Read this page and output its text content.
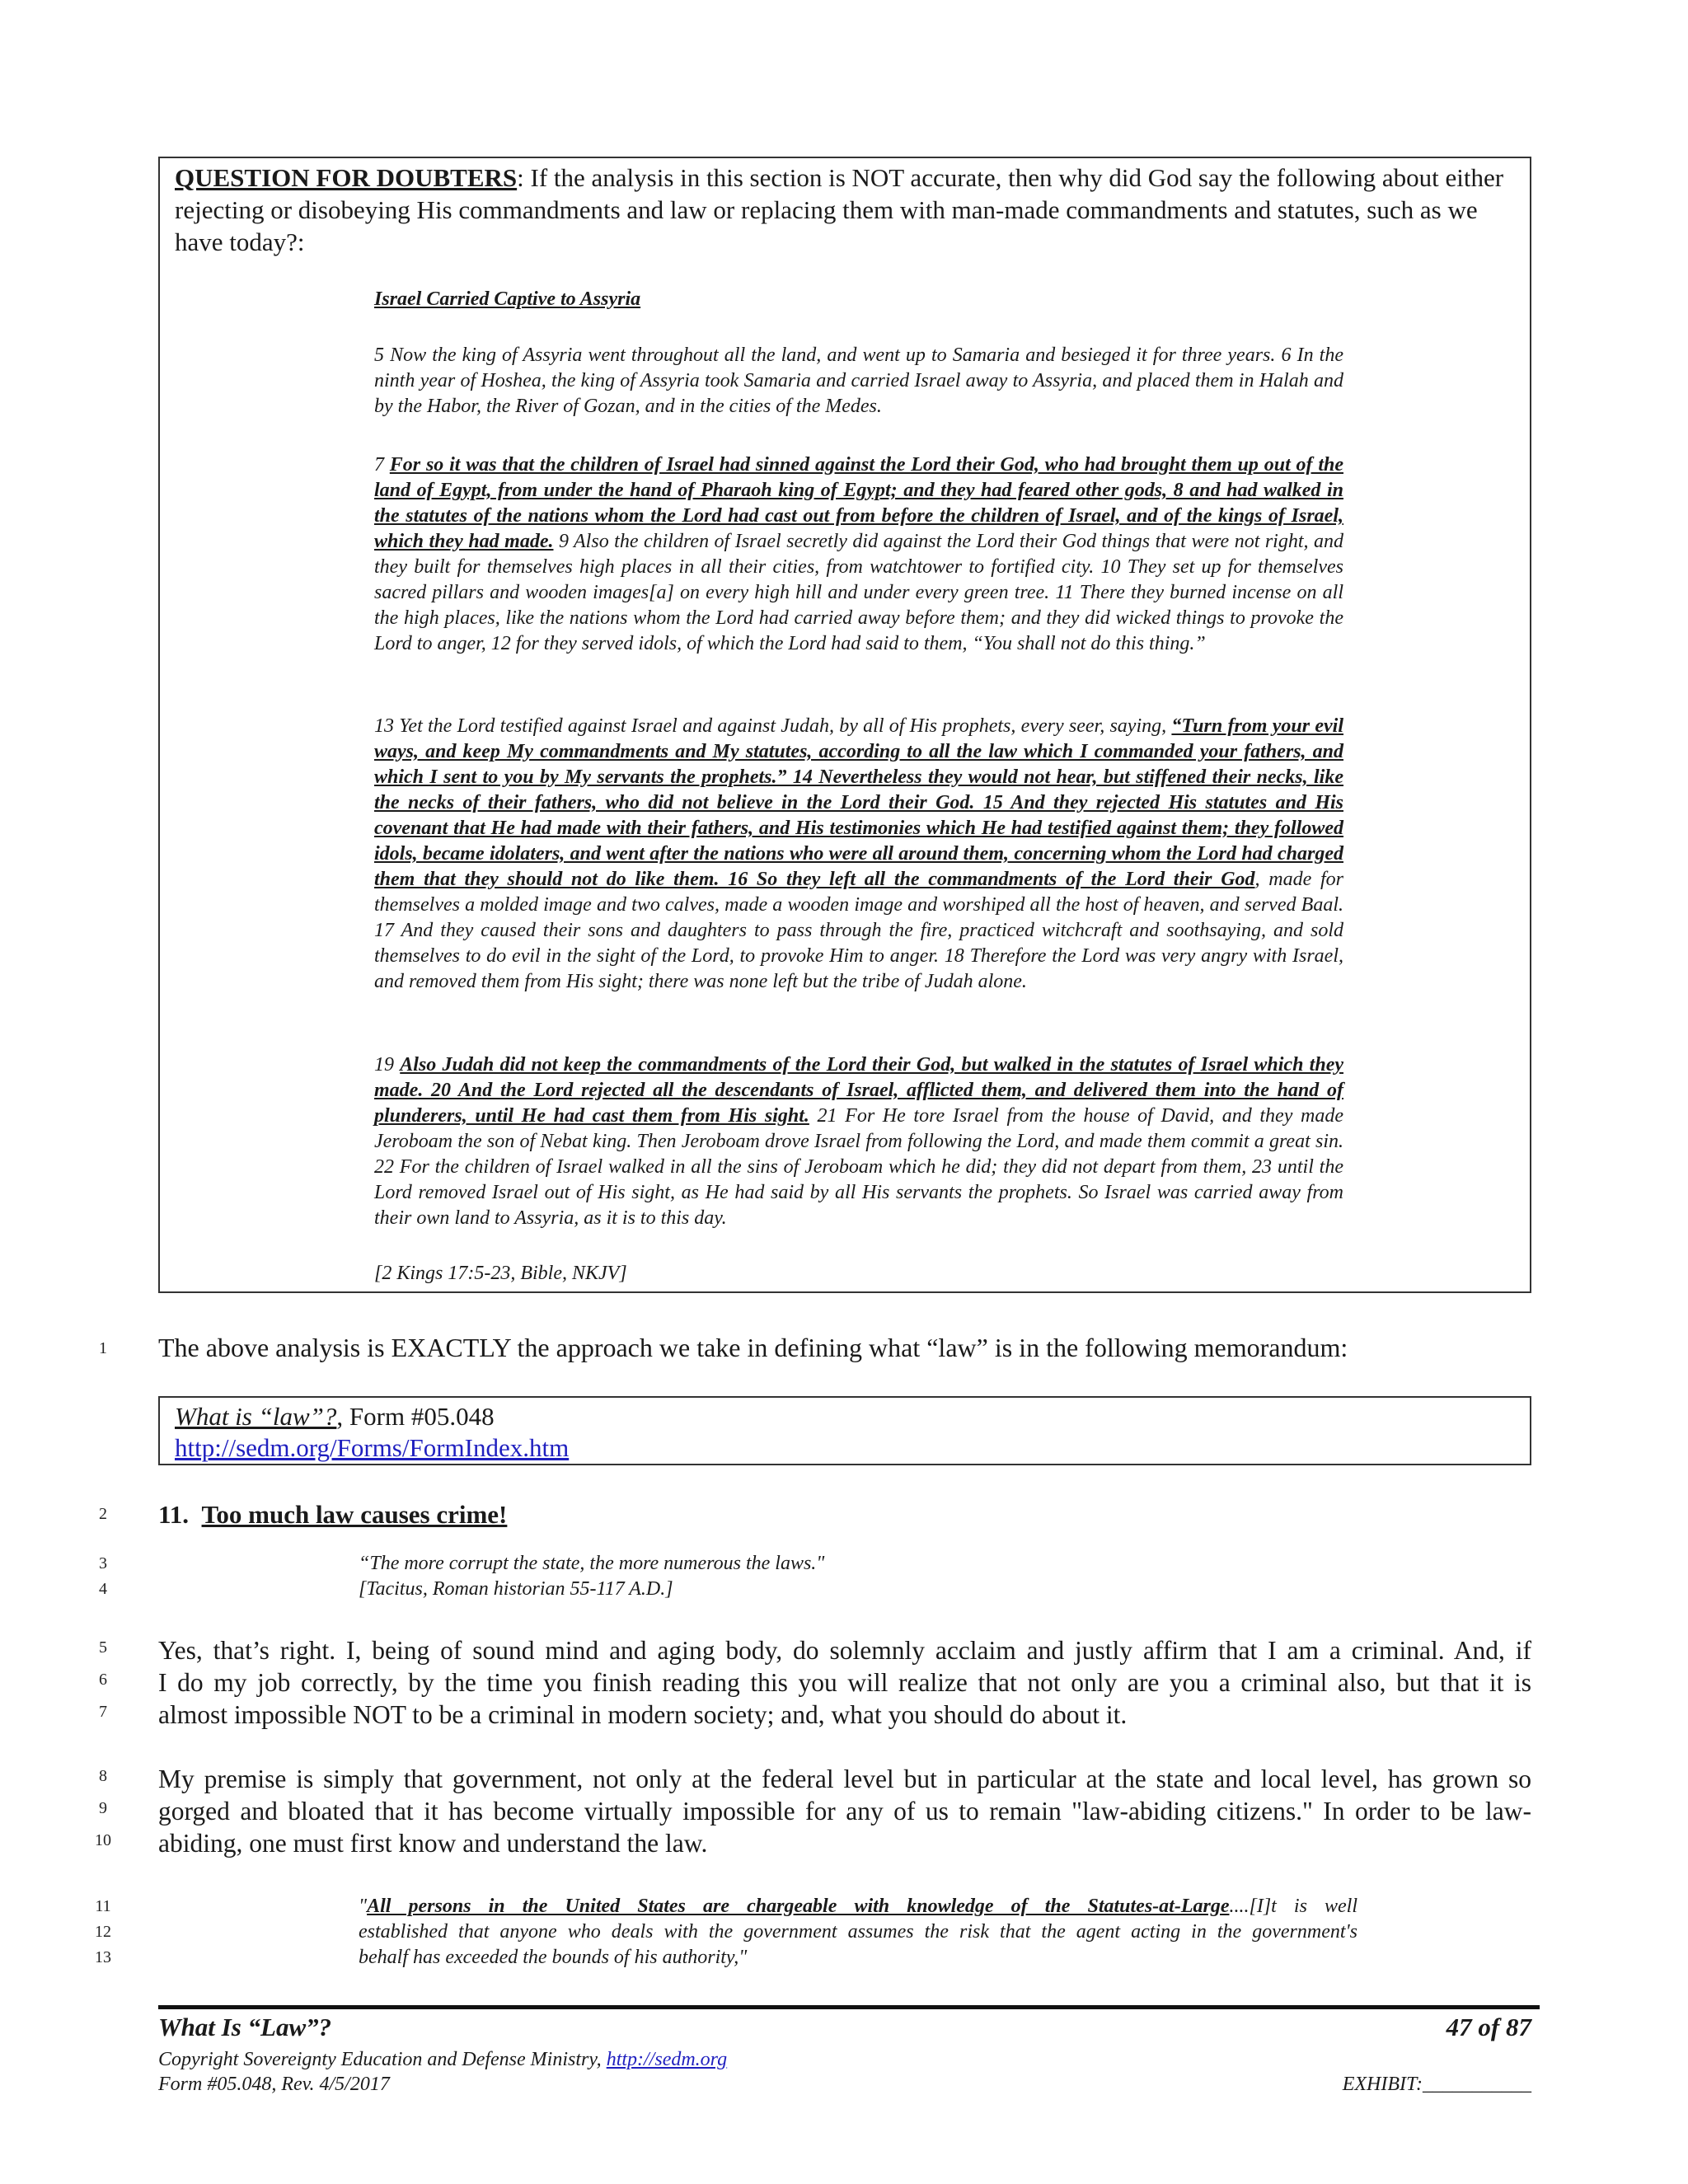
QUESTION FOR DOUBTERS: If the analysis in this section is NOT accurate, then why did God say the following about either rejecting or disobeying His commandments and law or replacing them with man-made commandments and statutes, such as we have today?:

Israel Carried Captive to Assyria

5 Now the king of Assyria went throughout all the land, and went up to Samaria and besieged it for three years. 6 In the ninth year of Hoshea, the king of Assyria took Samaria and carried Israel away to Assyria, and placed them in Halah and by the Habor, the River of Gozan, and in the cities of the Medes.

7 For so it was that the children of Israel had sinned against the Lord their God, who had brought them up out of the land of Egypt, from under the hand of Pharaoh king of Egypt; and they had feared other gods, 8 and had walked in the statutes of the nations whom the Lord had cast out from before the children of Israel, and of the kings of Israel, which they had made. 9 Also the children of Israel secretly did against the Lord their God things that were not right, and they built for themselves high places in all their cities, from watchtower to fortified city. 10 They set up for themselves sacred pillars and wooden images[a] on every high hill and under every green tree. 11 There they burned incense on all the high places, like the nations whom the Lord had carried away before them; and they did wicked things to provoke the Lord to anger, 12 for they served idols, of which the Lord had said to them, “You shall not do this thing.”

13 Yet the Lord testified against Israel and against Judah, by all of His prophets, every seer, saying, “Turn from your evil ways, and keep My commandments and My statutes, according to all the law which I commanded your fathers, and which I sent to you by My servants the prophets.” 14 Nevertheless they would not hear, but stiffened their necks, like the necks of their fathers, who did not believe in the Lord their God. 15 And they rejected His statutes and His covenant that He had made with their fathers, and His testimonies which He had testified against them; they followed idols, became idolaters, and went after the nations who were all around them, concerning whom the Lord had charged them that they should not do like them. 16 So they left all the commandments of the Lord their God, made for themselves a molded image and two calves, made a wooden image and worshiped all the host of heaven, and served Baal. 17 And they caused their sons and daughters to pass through the fire, practiced witchcraft and soothsaying, and sold themselves to do evil in the sight of the Lord, to provoke Him to anger. 18 Therefore the Lord was very angry with Israel, and removed them from His sight; there was none left but the tribe of Judah alone.

19 Also Judah did not keep the commandments of the Lord their God, but walked in the statutes of Israel which they made. 20 And the Lord rejected all the descendants of Israel, afflicted them, and delivered them into the hand of plunderers, until He had cast them from His sight. 21 For He tore Israel from the house of David, and they made Jeroboam the son of Nebat king. Then Jeroboam drove Israel from following the Lord, and made them commit a great sin. 22 For the children of Israel walked in all the sins of Jeroboam which he did; they did not depart from them, 23 until the Lord removed Israel out of His sight, as He had said by all His servants the prophets. So Israel was carried away from their own land to Assyria, as it is to this day.

[2 Kings 17:5-23, Bible, NKJV]

1
2
3
4
5
6
7
8
9
10
11
12
13

The above analysis is EXACTLY the approach we take in defining what “law” is in the following memorandum:

What is “law”?, Form #05.048
http://sedm.org/Forms/FormIndex.htm

11. Too much law causes crime!

“The more corrupt the state, the more numerous the laws."

[Tacitus, Roman historian 55-117 A.D.]

Yes, that’s right. I, being of sound mind and aging body, do solemnly acclaim and justly affirm that I am a criminal. And, if
I do my job correctly, by the time you finish reading this you will realize that not only are you a criminal also, but that it is
almost impossible NOT to be a criminal in modern society; and, what you should do about it.

My premise is simply that government, not only at the federal level but in particular at the state and local level, has grown so
gorged and bloated that it has become virtually impossible for any of us to remain "law-abiding citizens." In order to be law-
abiding, one must first know and understand the law.

"All persons in the United States are chargeable with knowledge of the Statutes-at-Large....[I]t is well
established that anyone who deals with the government assumes the risk that the agent acting in the government's
behalf has exceeded the bounds of his authority,"

What Is “Law”?	47 of 87
Copyright Sovereignty Education and Defense Ministry, http://sedm.org
Form #05.048, Rev. 4/5/2017	EXHIBIT:___________
